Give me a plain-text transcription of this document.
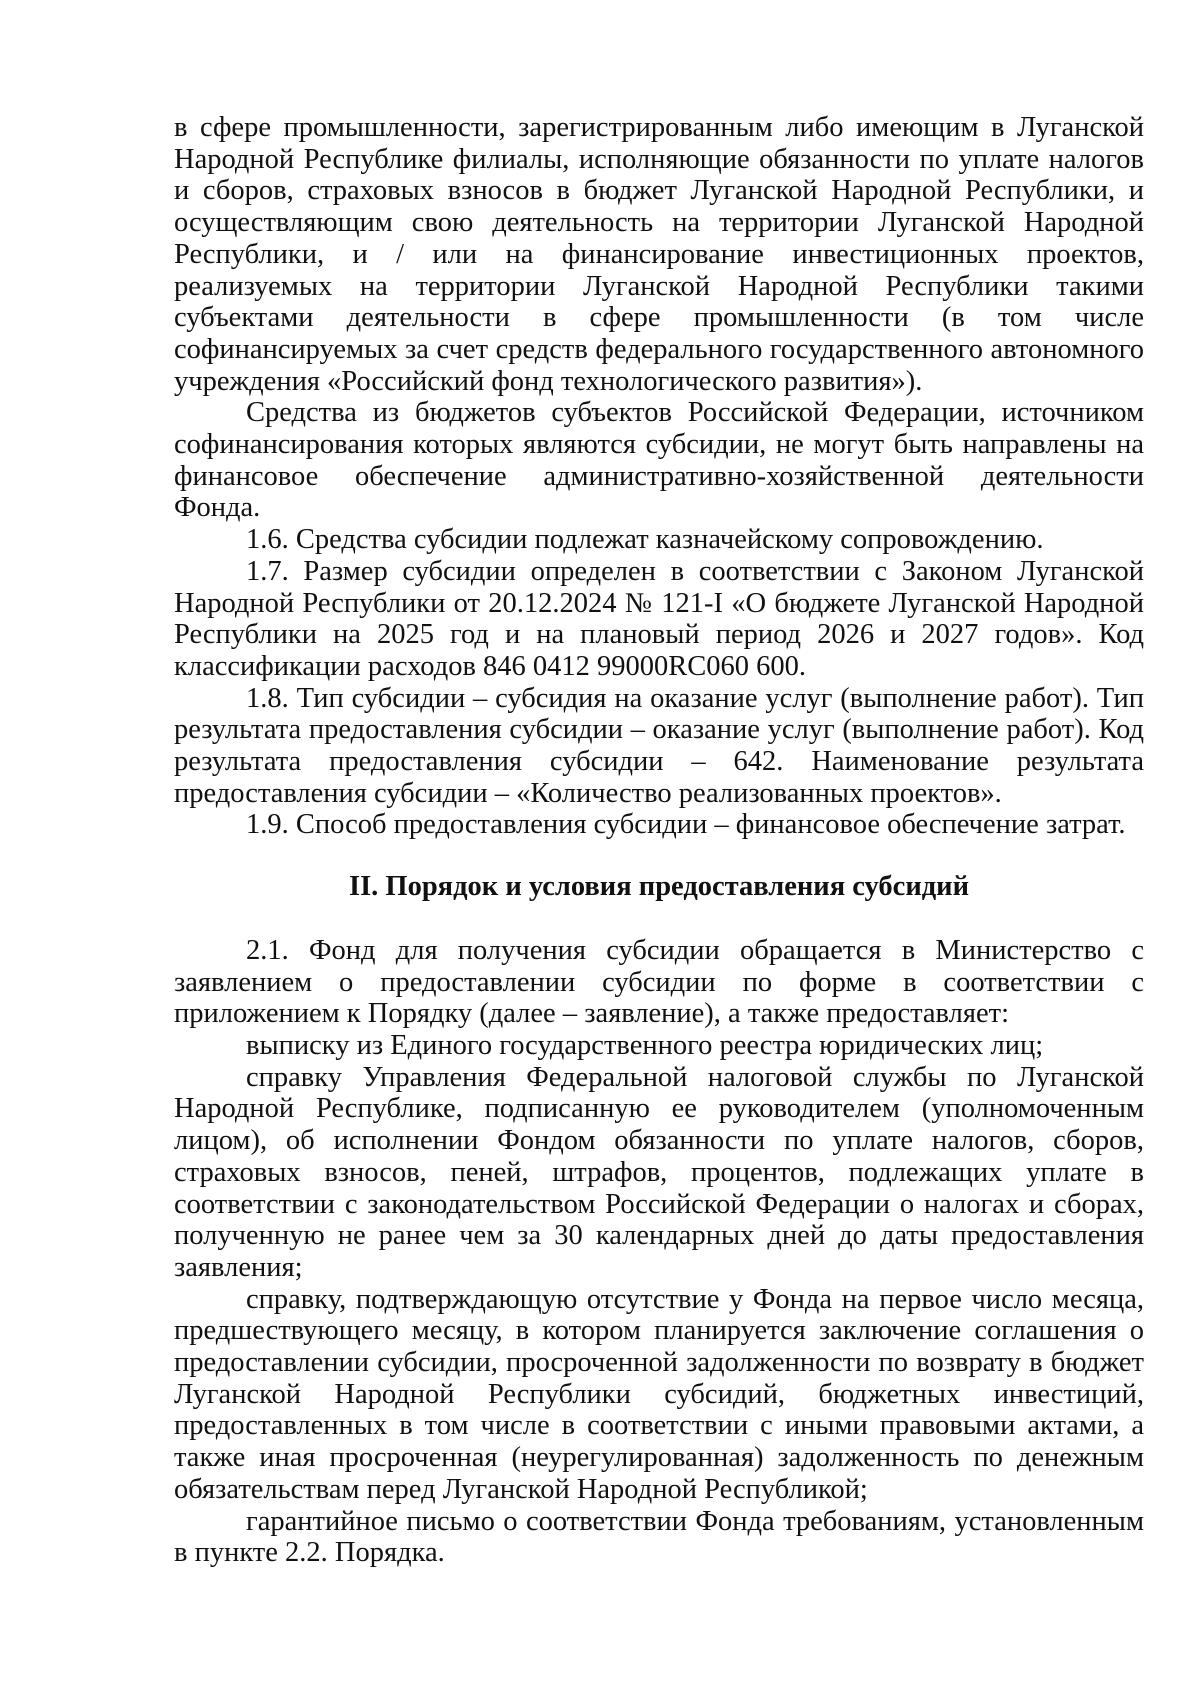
в сфере промышленности, зарегистрированным либо имеющим в Луганской Народной Республике филиалы, исполняющие обязанности по уплате налогов и сборов, страховых взносов в бюджет Луганской Народной Республики, и осуществляющим свою деятельность на территории Луганской Народной Республики, и / или на финансирование инвестиционных проектов, реализуемых на территории Луганской Народной Республики такими субъектами деятельности в сфере промышленности (в том числе софинансируемых за счет средств федерального государственного автономного учреждения «Российский фонд технологического развития»).

Средства из бюджетов субъектов Российской Федерации, источником софинансирования которых являются субсидии, не могут быть направлены на финансовое обеспечение административно-хозяйственной деятельности Фонда.

1.6. Средства субсидии подлежат казначейскому сопровождению.

1.7. Размер субсидии определен в соответствии с Законом Луганской Народной Республики от 20.12.2024 № 121-I «О бюджете Луганской Народной Республики на 2025 год и на плановый период 2026 и 2027 годов». Код классификации расходов 846 0412 99000RC060 600.

1.8. Тип субсидии – субсидия на оказание услуг (выполнение работ). Тип результата предоставления субсидии – оказание услуг (выполнение работ). Код результата предоставления субсидии – 642. Наименование результата предоставления субсидии – «Количество реализованных проектов».

1.9. Способ предоставления субсидии – финансовое обеспечение затрат.

II. Порядок и условия предоставления субсидий

2.1. Фонд для получения субсидии обращается в Министерство с заявлением о предоставлении субсидии по форме в соответствии с приложением к Порядку (далее – заявление), а также предоставляет:

выписку из Единого государственного реестра юридических лиц;

справку Управления Федеральной налоговой службы по Луганской Народной Республике, подписанную ее руководителем (уполномоченным лицом), об исполнении Фондом обязанности по уплате налогов, сборов, страховых взносов, пеней, штрафов, процентов, подлежащих уплате в соответствии с законодательством Российской Федерации о налогах и сборах, полученную не ранее чем за 30 календарных дней до даты предоставления заявления;

справку, подтверждающую отсутствие у Фонда на первое число месяца, предшествующего месяцу, в котором планируется заключение соглашения о предоставлении субсидии, просроченной задолженности по возврату в бюджет Луганской Народной Республики субсидий, бюджетных инвестиций, предоставленных в том числе в соответствии с иными правовыми актами, а также иная просроченная (неурегулированная) задолженность по денежным обязательствам перед Луганской Народной Республикой;

гарантийное письмо о соответствии Фонда требованиям, установленным в пункте 2.2. Порядка.
